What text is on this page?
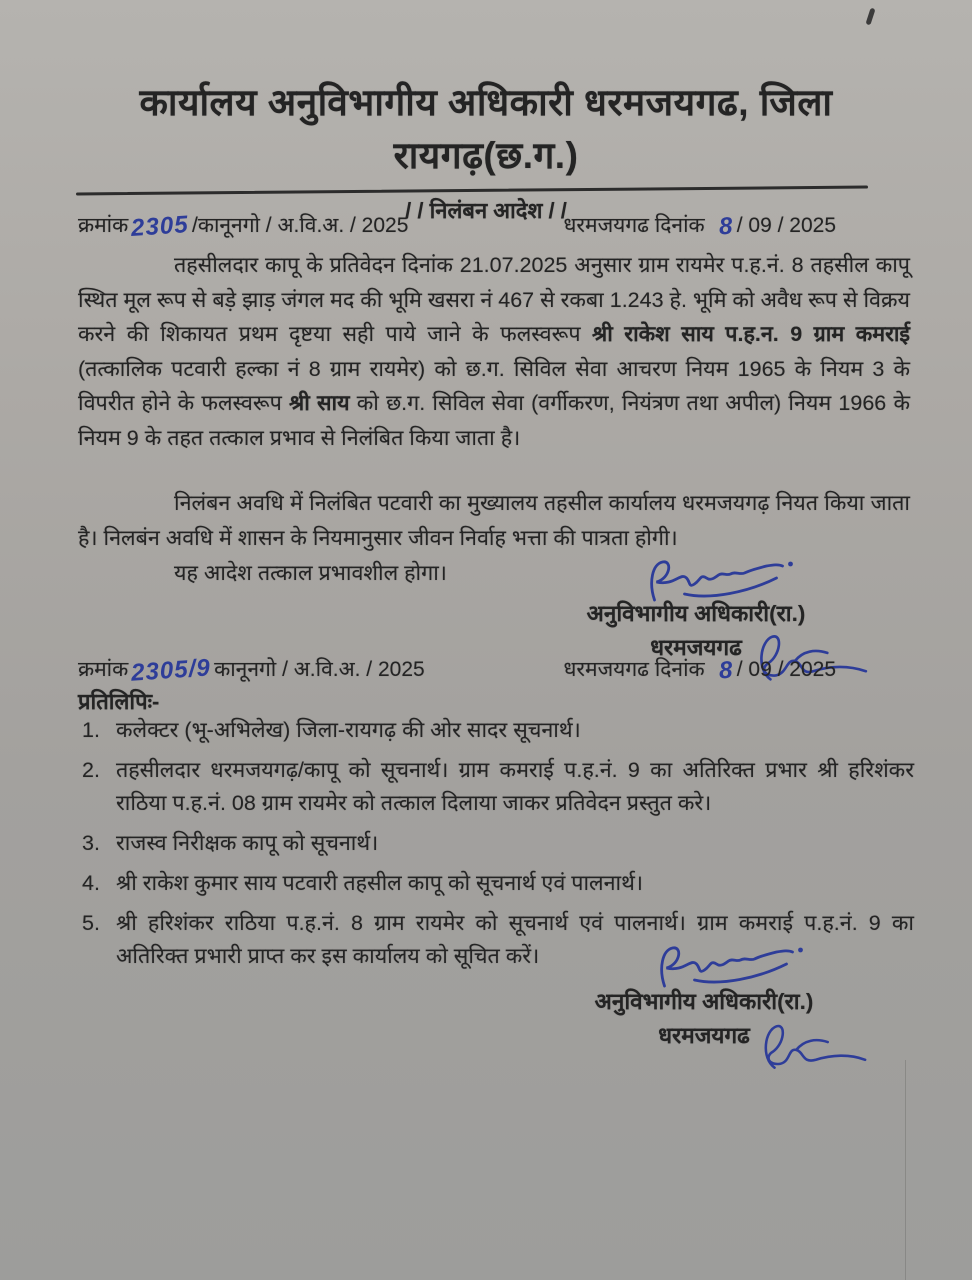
कार्यालय अनुविभागीय अधिकारी धरमजयगढ, जिला
रायगढ़(छ.ग.)
/ / निलंबन आदेश / /
क्रमांक2305 /कानूनगो / अ.वि.अ. / 2025	धरमजयगढ दिनांक 8 / 09 / 2025
तहसीलदार कापू के प्रतिवेदन दिनांक 21.07.2025 अनुसार ग्राम रायमेर प.ह.नं. 8 तहसील कापू स्थित मूल रूप से बड़े झाड़ जंगल मद की भूमि खसरा नं 467 से रकबा 1.243 हे. भूमि को अवैध रूप से विक्रय करने की शिकायत प्रथम दृष्टया सही पाये जाने के फलस्वरूप श्री राकेश साय प.ह.न. 9 ग्राम कमराई (तत्कालिक पटवारी हल्का नं 8 ग्राम रायमेर) को छ.ग. सिविल सेवा आचरण नियम 1965 के नियम 3 के विपरीत होने के फलस्वरूप श्री साय को छ.ग. सिविल सेवा (वर्गीकरण, नियंत्रण तथा अपील) नियम 1966 के नियम 9 के तहत तत्काल प्रभाव से निलंबित किया जाता है।
निलंबन अवधि में निलंबित पटवारी का मुख्यालय तहसील कार्यालय धरमजयगढ़ नियत किया जाता है। निलबंन अवधि में शासन के नियमानुसार जीवन निर्वाह भत्ता की पात्रता होगी।
यह आदेश तत्काल प्रभावशील होगा।
अनुविभागीय अधिकारी(रा.)
धरमजयगढ
क्रमांक2305/9 कानूनगो / अ.वि.अ. / 2025	धरमजयगढ दिनांक 8 / 09 / 2025
प्रतिलिपिः-
1. कलेक्टर (भू-अभिलेख) जिला-रायगढ़ की ओर सादर सूचनार्थ।
2. तहसीलदार धरमजयगढ़/कापू को सूचनार्थ। ग्राम कमराई प.ह.नं. 9 का अतिरिक्त प्रभार श्री हरिशंकर राठिया प.ह.नं. 08 ग्राम रायमेर को तत्काल दिलाया जाकर प्रतिवेदन प्रस्तुत करे।
3. राजस्व निरीक्षक कापू को सूचनार्थ।
4. श्री राकेश कुमार साय पटवारी तहसील कापू को सूचनार्थ एवं पालनार्थ।
5. श्री हरिशंकर राठिया प.ह.नं. 8 ग्राम रायमेर को सूचनार्थ एवं पालनार्थ। ग्राम कमराई प.ह.नं. 9 का अतिरिक्त प्रभारी प्राप्त कर इस कार्यालय को सूचित करें।
अनुविभागीय अधिकारी(रा.)
धरमजयगढ
